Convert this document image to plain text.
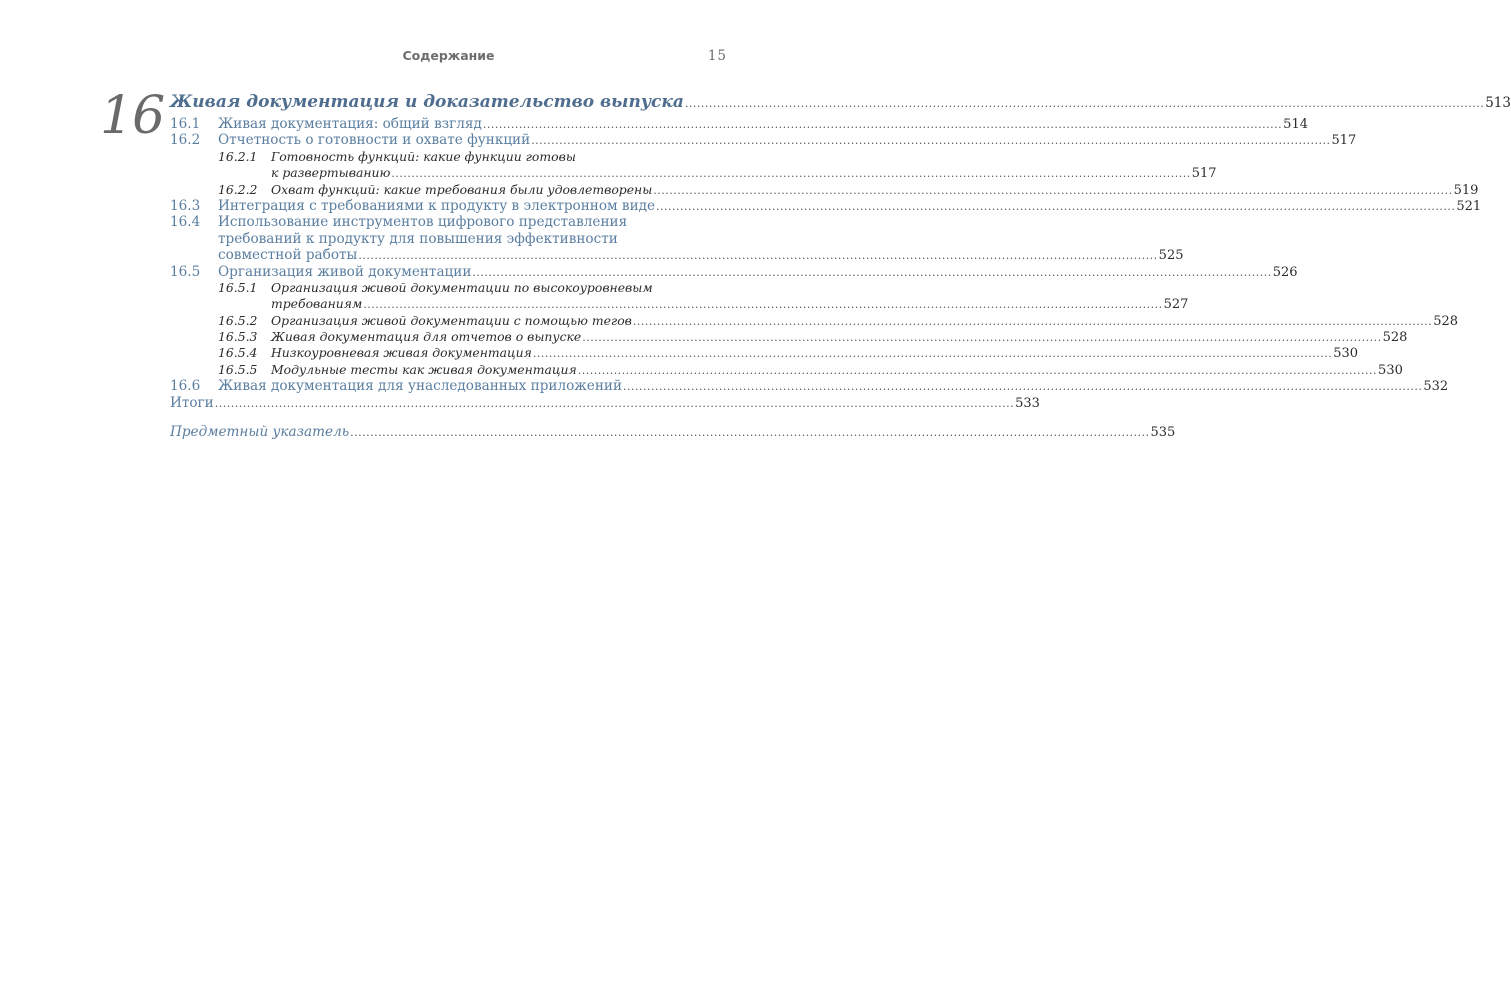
Содержание	15
16 Живая документация и доказательство выпуска .....	513
16.1	Живая документация: общий взгляд .....	514
16.2	Отчетность о готовности и охвате функций .....	517
16.2.1	Готовность функций: какие функции готовы
к развертыванию .....	517
16.2.2	Охват функций: какие требования были удовлетворены .....	519
16.3	Интеграция с требованиями к продукту в электронном виде .....	521
16.4	Использование инструментов цифрового представления
требований к продукту для повышения эффективности
совместной работы .....	525
16.5	Организация живой документации .....	526
16.5.1	Организация живой документации по высокоуровневым
требованиям .....	527
16.5.2	Организация живой документации с помощью тегов .....	528
16.5.3	Живая документация для отчетов о выпуске .....	528
16.5.4	Низкоуровневая живая документация .....	530
16.5.5	Модульные тесты как живая документация .....	530
16.6	Живая документация для унаследованных приложений .....	532
Итоги .....	533
Предметный указатель .....	535
